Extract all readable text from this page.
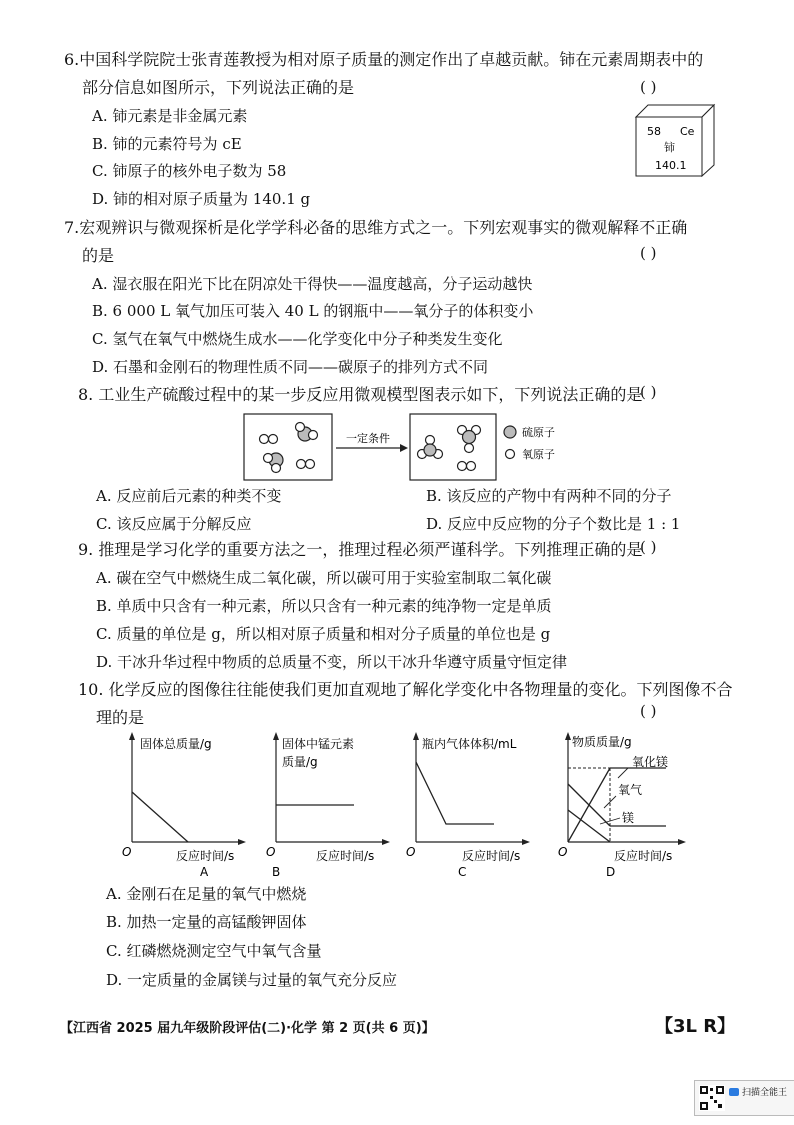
6.中国科学院院士张青莲教授为相对原子质量的测定作出了卓越贡献。铈在元素周期表中的
部分信息如图所示，下列说法正确的是	( )
A. 铈元素是非金属元素
B. 铈的元素符号为 cE
C. 铈原子的核外电子数为 58
D. 铈的相对原子质量为 140.1 g
58 Ce
铈
140.1
7.宏观辨识与微观探析是化学学科必备的思维方式之一。下列宏观事实的微观解释不正确
的是	( )
A. 湿衣服在阳光下比在阴凉处干得快——温度越高，分子运动越快
B. 6 000 L 氧气加压可装入 40 L 的钢瓶中——氧分子的体积变小
C. 氢气在氧气中燃烧生成水——化学变化中分子种类发生变化
D. 石墨和金刚石的物理性质不同——碳原子的排列方式不同
8. 工业生产硫酸过程中的某一步反应用微观模型图表示如下，下列说法正确的是
( )
一定条件	硫原子
氧原子
A. 反应前后元素的种类不变	B. 该反应的产物中有两种不同的分子
C. 该反应属于分解反应	D. 反应中反应物的分子个数比是 1 : 1
9. 推理是学习化学的重要方法之一，推理过程必须严谨科学。下列推理正确的是
( )
A. 碳在空气中燃烧生成二氧化碳，所以碳可用于实验室制取二氧化碳
B. 单质中只含有一种元素，所以只含有一种元素的纯净物一定是单质
C. 质量的单位是 g，所以相对原子质量和相对分子质量的单位也是 g
D. 干冰升华过程中物质的总质量不变，所以干冰升华遵守质量守恒定律
10. 化学反应的图像往往能使我们更加直观地了解化学变化中各物理量的变化。下列图像不合
理的是	( )
固体总质量/g
O	反应时间/s
A
固体中锰元素
质量/g
O	反应时间/s
B
瓶内气体体积/mL
O	反应时间/s
C
物质质量/g
氧化镁
氧气
镁
O	反应时间/s
D
A. 金刚石在足量的氧气中燃烧
B. 加热一定量的高锰酸钾固体
C. 红磷燃烧测定空气中氧气含量
D. 一定质量的金属镁与过量的氧气充分反应
【江西省 2025 届九年级阶段评估(二)·化学 第 2 页(共 6 页)】	【3L R】
扫描全能王
